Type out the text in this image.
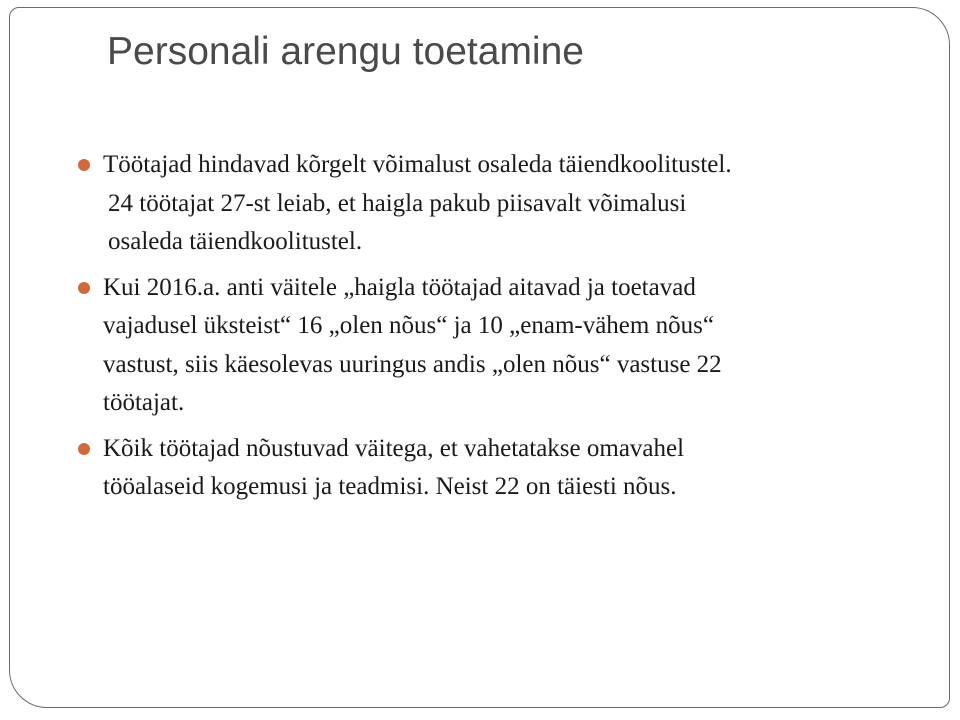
Personali arengu toetamine
Töötajad hindavad kõrgelt võimalust osaleda täiendkoolitustel.
24 töötajat 27-st leiab, et haigla pakub piisavalt võimalusi
osaleda täiendkoolitustel.
Kui 2016.a. anti väitele „haigla töötajad aitavad ja toetavad
vajadusel üksteist“ 16 „olen nõus“ ja 10 „enam-vähem nõus“
vastust, siis käesolevas uuringus andis „olen nõus“ vastuse 22
töötajat.
Kõik töötajad nõustuvad väitega, et vahetatakse omavahel
tööalaseid kogemusi ja teadmisi. Neist 22 on täiesti nõus.
